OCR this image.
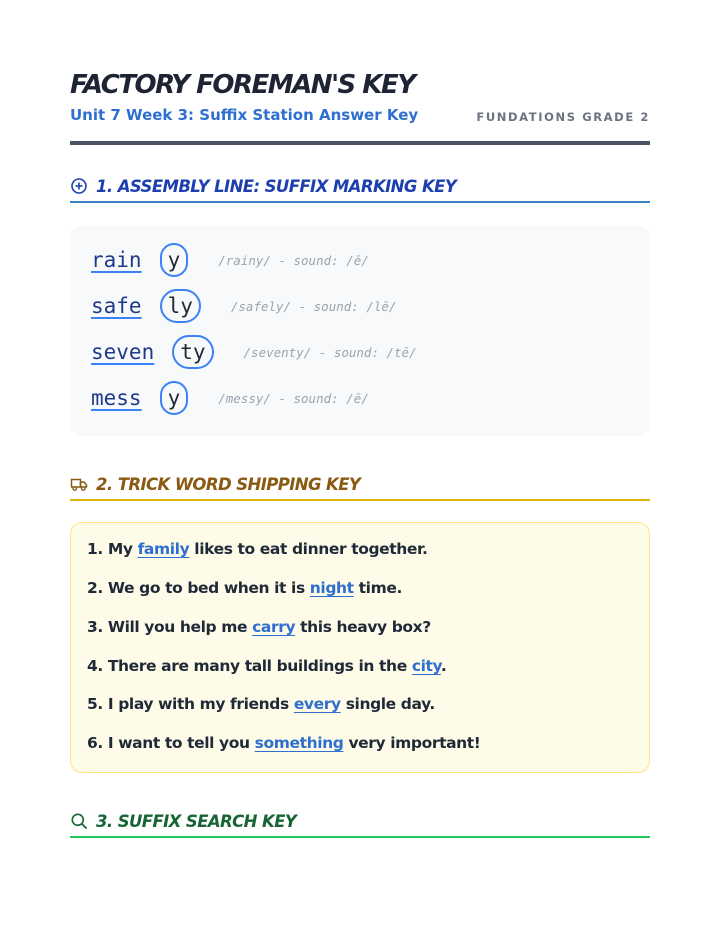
FACTORY FOREMAN'S KEY
Unit 7 Week 3: Suffix Station Answer Key	FUNDATIONS GRADE 2
1. ASSEMBLY LINE: SUFFIX MARKING KEY
rain	y	/rainy/ - sound: /ē/
safe	ly	/safely/ - sound: /lē/
seven	ty	/seventy/ - sound: /tē/
mess	y	/messy/ - sound: /ē/
2. TRICK WORD SHIPPING KEY
1. My family likes to eat dinner together.
2. We go to bed when it is night time.
3. Will you help me carry this heavy box?
4. There are many tall buildings in the city.
5. I play with my friends every single day.
6. I want to tell you something very important!
3. SUFFIX SEARCH KEY
